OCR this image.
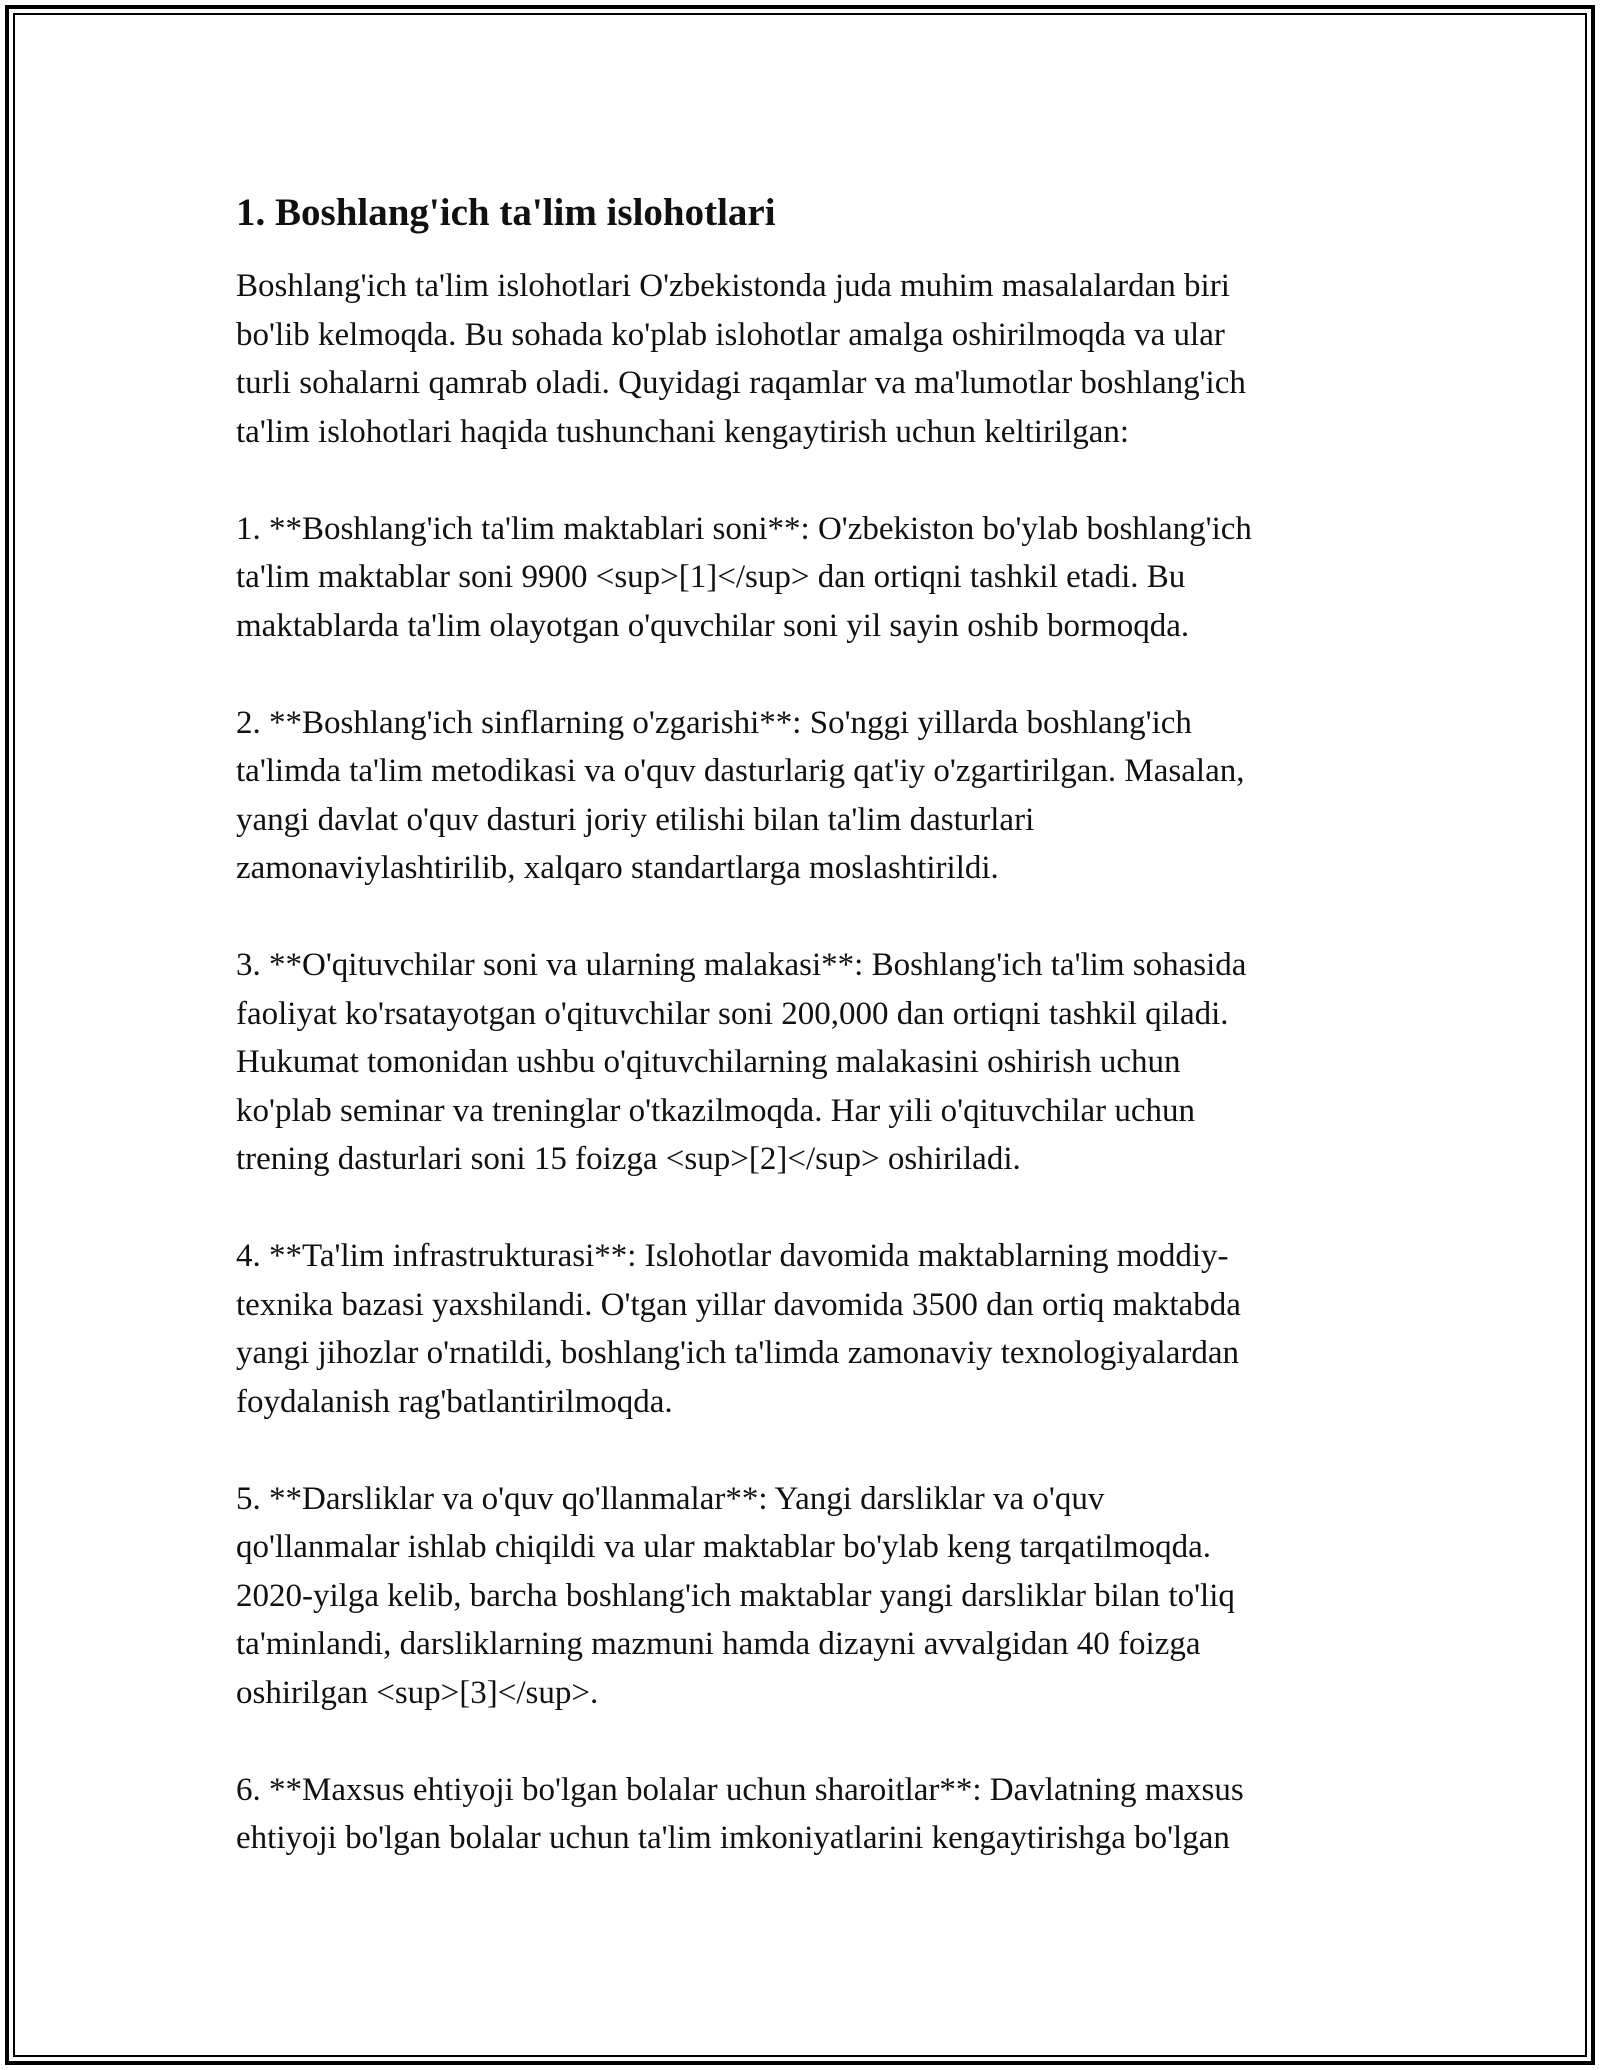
1. Boshlang'ich ta'lim islohotlari

Boshlang'ich ta'lim islohotlari O'zbekistonda juda muhim masalalardan biri
bo'lib kelmoqda. Bu sohada ko'plab islohotlar amalga oshirilmoqda va ular
turli sohalarni qamrab oladi. Quyidagi raqamlar va ma'lumotlar boshlang'ich
ta'lim islohotlari haqida tushunchani kengaytirish uchun keltirilgan:

1. **Boshlang'ich ta'lim maktablari soni**: O'zbekiston bo'ylab boshlang'ich
ta'lim maktablar soni 9900 <sup>[1]</sup> dan ortiqni tashkil etadi. Bu
maktablarda ta'lim olayotgan o'quvchilar soni yil sayin oshib bormoqda.

2. **Boshlang'ich sinflarning o'zgarishi**: So'nggi yillarda boshlang'ich
ta'limda ta'lim metodikasi va o'quv dasturlarig qat'iy o'zgartirilgan. Masalan,
yangi davlat o'quv dasturi joriy etilishi bilan ta'lim dasturlari
zamonaviylashtirilib, xalqaro standartlarga moslashtirildi.

3. **O'qituvchilar soni va ularning malakasi**: Boshlang'ich ta'lim sohasida
faoliyat ko'rsatayotgan o'qituvchilar soni 200,000 dan ortiqni tashkil qiladi.
Hukumat tomonidan ushbu o'qituvchilarning malakasini oshirish uchun
ko'plab seminar va treninglar o'tkazilmoqda. Har yili o'qituvchilar uchun
trening dasturlari soni 15 foizga <sup>[2]</sup> oshiriladi.

4. **Ta'lim infrastrukturasi**: Islohotlar davomida maktablarning moddiy-
texnika bazasi yaxshilandi. O'tgan yillar davomida 3500 dan ortiq maktabda
yangi jihozlar o'rnatildi, boshlang'ich ta'limda zamonaviy texnologiyalardan
foydalanish rag'batlantirilmoqda.

5. **Darsliklar va o'quv qo'llanmalar**: Yangi darsliklar va o'quv
qo'llanmalar ishlab chiqildi va ular maktablar bo'ylab keng tarqatilmoqda.
2020-yilga kelib, barcha boshlang'ich maktablar yangi darsliklar bilan to'liq
ta'minlandi, darsliklarning mazmuni hamda dizayni avvalgidan 40 foizga
oshirilgan <sup>[3]</sup>.

6. **Maxsus ehtiyoji bo'lgan bolalar uchun sharoitlar**: Davlatning maxsus
ehtiyoji bo'lgan bolalar uchun ta'lim imkoniyatlarini kengaytirishga bo'lgan
